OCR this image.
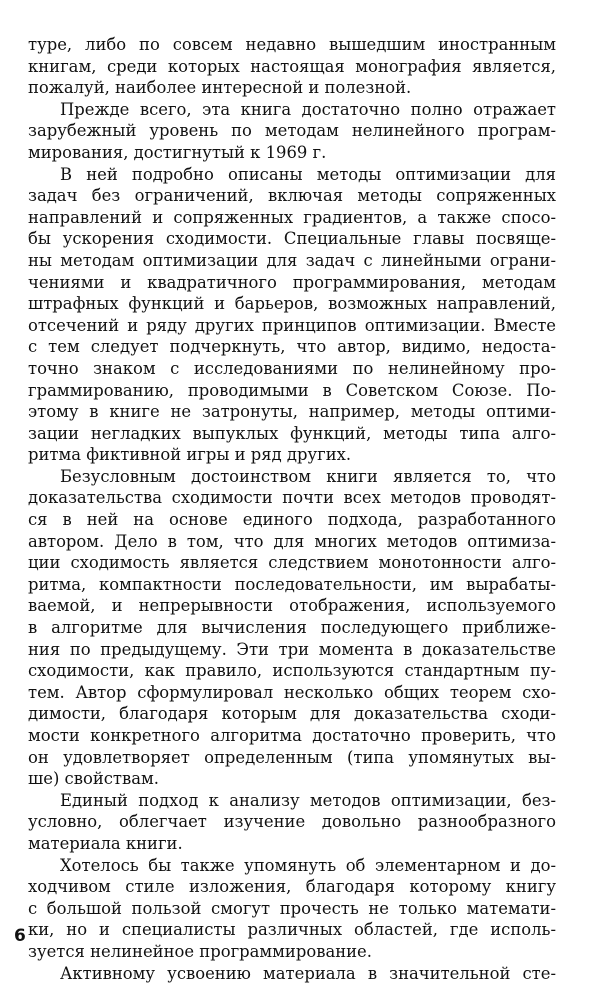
туре, либо по совсем недавно вышедшим иностранным
книгам, среди которых настоящая монография является,
пожалуй, наиболее интересной и полезной.
Прежде всего, эта книга достаточно полно отражает
зарубежный уровень по методам нелинейного програм-
мирования, достигнутый к 1969 г.
В ней подробно описаны методы оптимизации для
задач без ограничений, включая методы сопряженных
направлений и сопряженных градиентов, а также спосо-
бы ускорения сходимости. Специальные главы посвяще-
ны методам оптимизации для задач с линейными ограни-
чениями и квадратичного программирования, методам
штрафных функций и барьеров, возможных направлений,
отсечений и ряду других принципов оптимизации. Вместе
с тем следует подчеркнуть, что автор, видимо, недоста-
точно знаком с исследованиями по нелинейному про-
граммированию, проводимыми в Советском Союзе. По-
этому в книге не затронуты, например, методы оптими-
зации негладких выпуклых функций, методы типа алго-
ритма фиктивной игры и ряд других.
Безусловным достоинством книги является то, что
доказательства сходимости почти всех методов проводят-
ся в ней на основе единого подхода, разработанного
автором. Дело в том, что для многих методов оптимиза-
ции сходимость является следствием монотонности алго-
ритма, компактности последовательности, им вырабаты-
ваемой, и непрерывности отображения, используемого
в алгоритме для вычисления последующего приближе-
ния по предыдущему. Эти три момента в доказательстве
сходимости, как правило, используются стандартным пу-
тем. Автор сформулировал несколько общих теорем схо-
димости, благодаря которым для доказательства сходи-
мости конкретного алгоритма достаточно проверить, что
он удовлетворяет определенным (типа упомянутых вы-
ше) свойствам.
Единый подход к анализу методов оптимизации, без-
условно, облегчает изучение довольно разнообразного
материала книги.
Хотелось бы также упомянуть об элементарном и до-
ходчивом стиле изложения, благодаря которому книгу
с большой пользой смогут прочесть не только математи-
ки, но и специалисты различных областей, где исполь-
зуется нелинейное программирование.
Активному усвоению материала в значительной сте-
6
